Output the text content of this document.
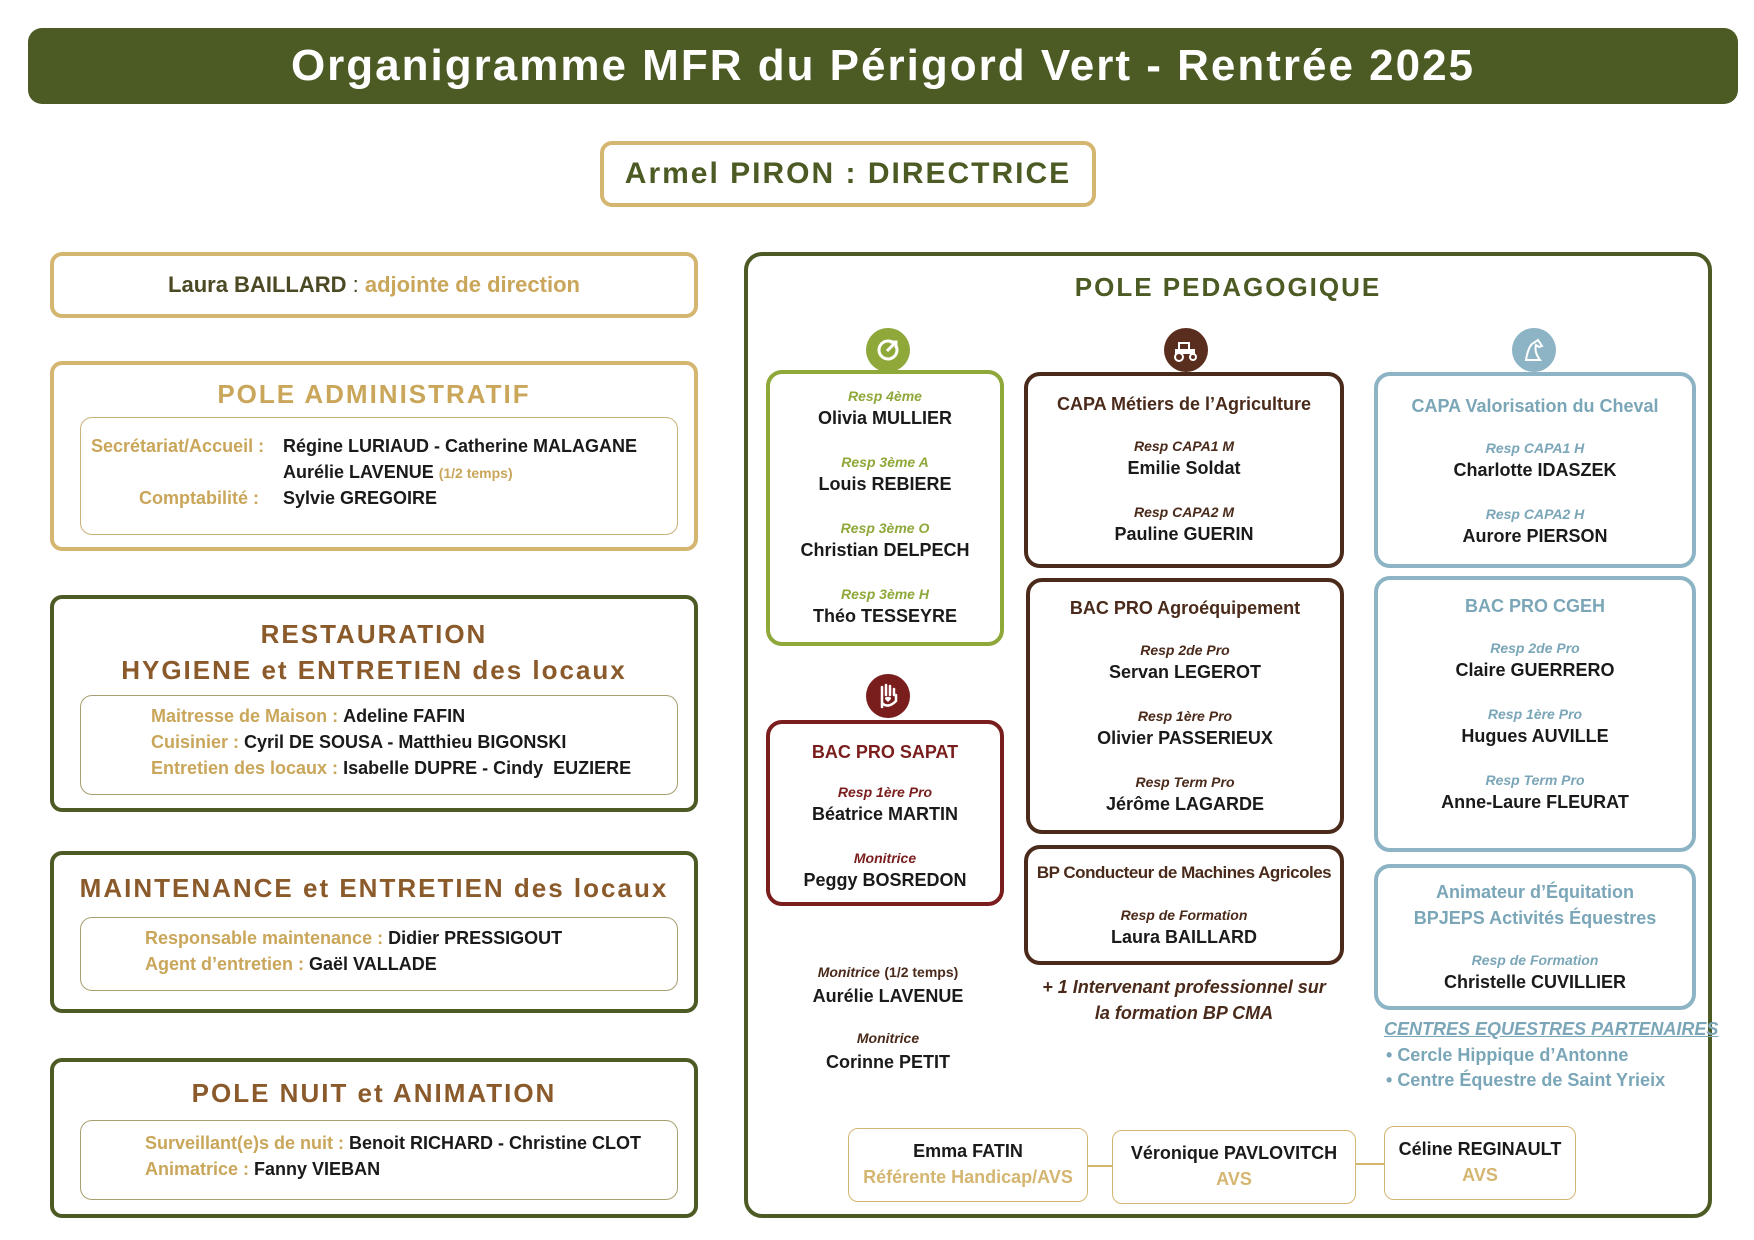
Organigramme MFR du Périgord Vert - Rentrée 2025
Armel PIRON : DIRECTRICE
Laura BAILLARD : adjointe de direction
POLE ADMINISTRATIF
Secrétariat/Accueil : Régine LURIAUD - Catherine MALAGANE
Aurélie LAVENUE (1/2 temps)
Comptabilité : Sylvie GREGOIRE
RESTAURATION
HYGIENE et ENTRETIEN des locaux
Maitresse de Maison : Adeline FAFIN
Cuisinier : Cyril DE SOUSA - Matthieu BIGONSKI
Entretien des locaux : Isabelle DUPRE - Cindy  EUZIERE
MAINTENANCE et ENTRETIEN des locaux
Responsable maintenance : Didier PRESSIGOUT
Agent d’entretien : Gaël VALLADE
POLE NUIT et ANIMATION
Surveillant(e)s de nuit : Benoit RICHARD - Christine CLOT
Animatrice : Fanny VIEBAN
POLE PEDAGOGIQUE
Resp 4ème
Olivia MULLIER
Resp 3ème A
Louis REBIERE
Resp 3ème O
Christian DELPECH
Resp 3ème H
Théo TESSEYRE
BAC PRO SAPAT
Resp 1ère Pro
Béatrice MARTIN
Monitrice
Peggy BOSREDON
Monitrice (1/2 temps)
Aurélie LAVENUE
Monitrice
Corinne PETIT
CAPA Métiers de l’Agriculture
Resp CAPA1 M
Emilie Soldat
Resp CAPA2 M
Pauline GUERIN
BAC PRO Agroéquipement
Resp 2de Pro
Servan LEGEROT
Resp 1ère Pro
Olivier PASSERIEUX
Resp Term Pro
Jérôme LAGARDE
BP Conducteur de Machines Agricoles
Resp de Formation
Laura BAILLARD
+ 1 Intervenant professionnel sur
la formation BP CMA
CAPA Valorisation du Cheval
Resp CAPA1 H
Charlotte IDASZEK
Resp CAPA2 H
Aurore PIERSON
BAC PRO CGEH
Resp 2de Pro
Claire GUERRERO
Resp 1ère Pro
Hugues AUVILLE
Resp Term Pro
Anne-Laure FLEURAT
Animateur d’Équitation
BPJEPS Activités Équestres
Resp de Formation
Christelle CUVILLIER
CENTRES EQUESTRES PARTENAIRES
• Cercle Hippique d’Antonne
• Centre Équestre de Saint Yrieix
Emma FATIN
Référente Handicap/AVS
Véronique PAVLOVITCH
AVS
Céline REGINAULT
AVS
